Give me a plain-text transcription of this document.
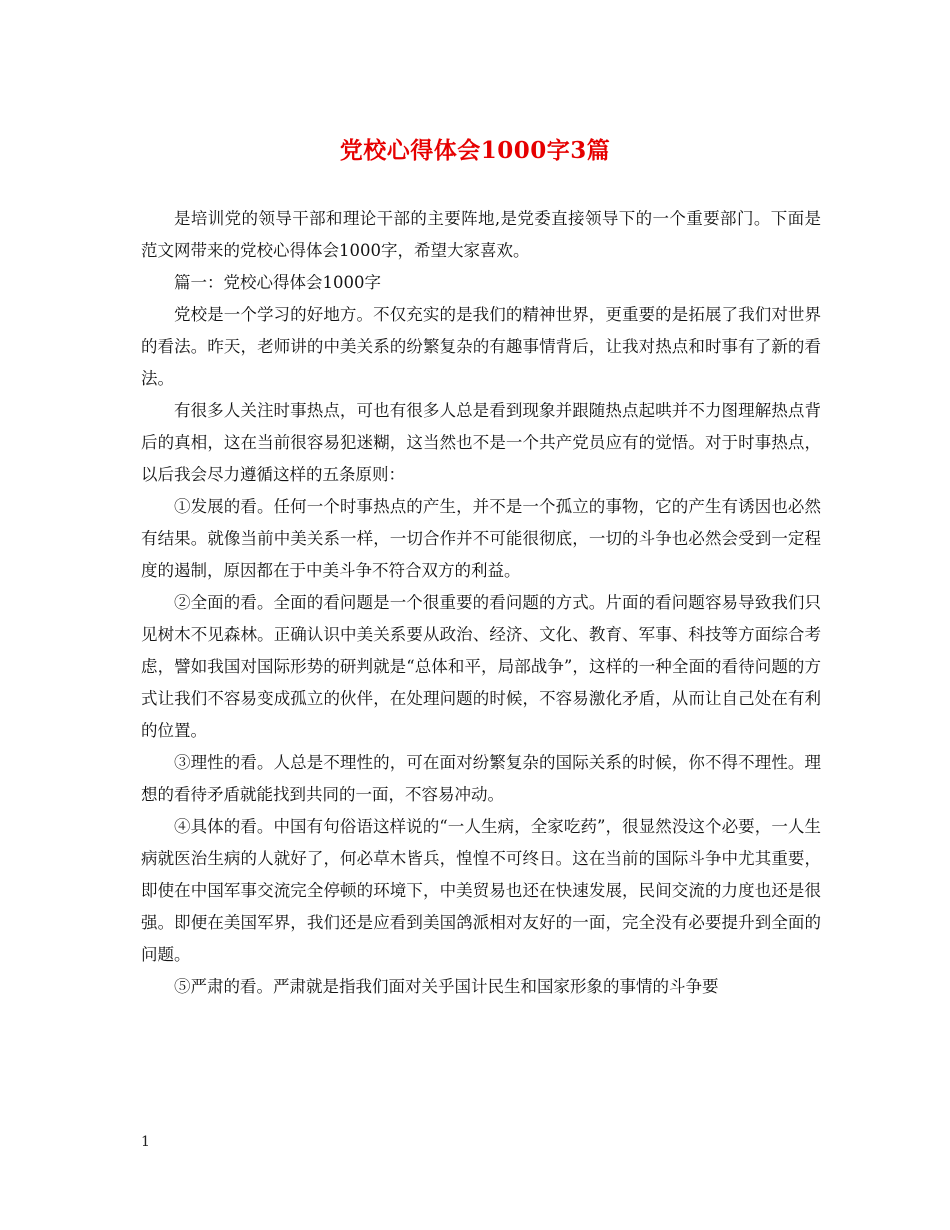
党校心得体会1000字3篇

是培训党的领导干部和理论干部的主要阵地,是党委直接领导下的一个重要部门。下面是范文网带来的党校心得体会1000字，希望大家喜欢。

篇一：党校心得体会1000字

党校是一个学习的好地方。不仅充实的是我们的精神世界，更重要的是拓展了我们对世界的看法。昨天，老师讲的中美关系的纷繁复杂的有趣事情背后，让我对热点和时事有了新的看法。

有很多人关注时事热点，可也有很多人总是看到现象并跟随热点起哄并不力图理解热点背后的真相，这在当前很容易犯迷糊，这当然也不是一个共产党员应有的觉悟。对于时事热点，以后我会尽力遵循这样的五条原则：

①发展的看。任何一个时事热点的产生，并不是一个孤立的事物，它的产生有诱因也必然有结果。就像当前中美关系一样，一切合作并不可能很彻底，一切的斗争也必然会受到一定程度的遏制，原因都在于中美斗争不符合双方的利益。

②全面的看。全面的看问题是一个很重要的看问题的方式。片面的看问题容易导致我们只见树木不见森林。正确认识中美关系要从政治、经济、文化、教育、军事、科技等方面综合考虑，譬如我国对国际形势的研判就是“总体和平，局部战争”，这样的一种全面的看待问题的方式让我们不容易变成孤立的伙伴，在处理问题的时候，不容易激化矛盾，从而让自己处在有利的位置。

③理性的看。人总是不理性的，可在面对纷繁复杂的国际关系的时候，你不得不理性。理想的看待矛盾就能找到共同的一面，不容易冲动。

④具体的看。中国有句俗语这样说的“一人生病，全家吃药”，很显然没这个必要，一人生病就医治生病的人就好了，何必草木皆兵，惶惶不可终日。这在当前的国际斗争中尤其重要，即使在中国军事交流完全停顿的环境下，中美贸易也还在快速发展，民间交流的力度也还是很强。即便在美国军界，我们还是应看到美国鸽派相对友好的一面，完全没有必要提升到全面的问题。

⑤严肃的看。严肃就是指我们面对关乎国计民生和国家形象的事情的斗争要

1
